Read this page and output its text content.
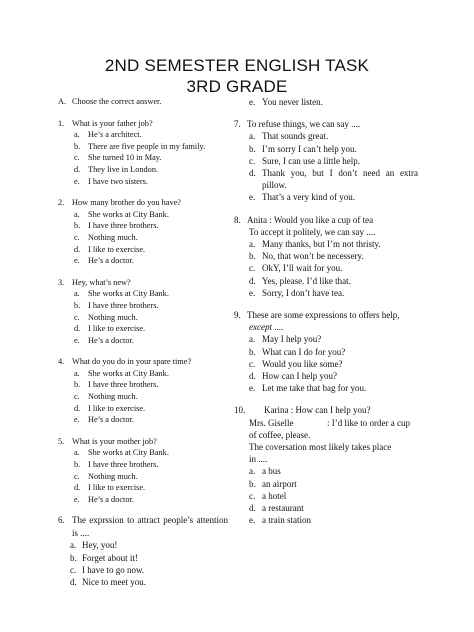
2ND SEMESTER ENGLISH TASK
3RD GRADE
A. Choose the correct answer.
1. What is your father job?
a. He’s a architect.
b. There are five people in my family.
c. She turned 10 in May.
d. They live in London.
e. I have two sisters.
2. How many brother do you have?
a. She works at City Bank.
b. I have three brothers.
c. Nothing much.
d. I like to exercise.
e. He’s a doctor.
3. Hey, what’s new?
a. She works at City Bank.
b. I have three brothers.
c. Nothing much.
d. I like to exercise.
e. He’s a doctor.
4. What do you do in your spare time?
a. She works at City Bank.
b. I have three brothers.
c. Nothing much.
d. I like to exercise.
e. He’s a doctor.
5. What is your mother job?
a. She works at City Bank.
b. I have three brothers.
c. Nothing much.
d. I like to exercise.
e. He’s a doctor.
6. The exprssion to attract people’s attention is ....
a. Hey, you!
b. Forget about it!
c. I have to go now.
d. Nice to meet you.
e. You never listen.
7. To refuse things, we can say ....
a. That sounds great.
b. I’m sorry I can’t help you.
c. Sure, I can use a little help.
d. Thank you, but I don’t need an extra pillow.
e. That’s a very kind of you.
8. Anita : Would you like a cup of tea
To accept it politely, we can say ....
a. Many thanks, but I’m not thristy.
b. No, that won’t be necessery.
c. OkY, I’ll wait for you.
d. Yes, please. I’d like that.
e. Sorry, I don’t have tea.
9. These are some expressions to offers help,
except ....
a. May I help you?
b. What can I do for you?
c. Would you like some?
d. How can I help you?
e. Let me take that bag for you.
10.	Karina : How can I help you?
Mrs. Giselle	: I’d like to order a cup
of coffee, please.
The coversation most likely takes place
in ....
a. a bus
b. an airport
c. a hotel
d. a restaurant
e. a train station
